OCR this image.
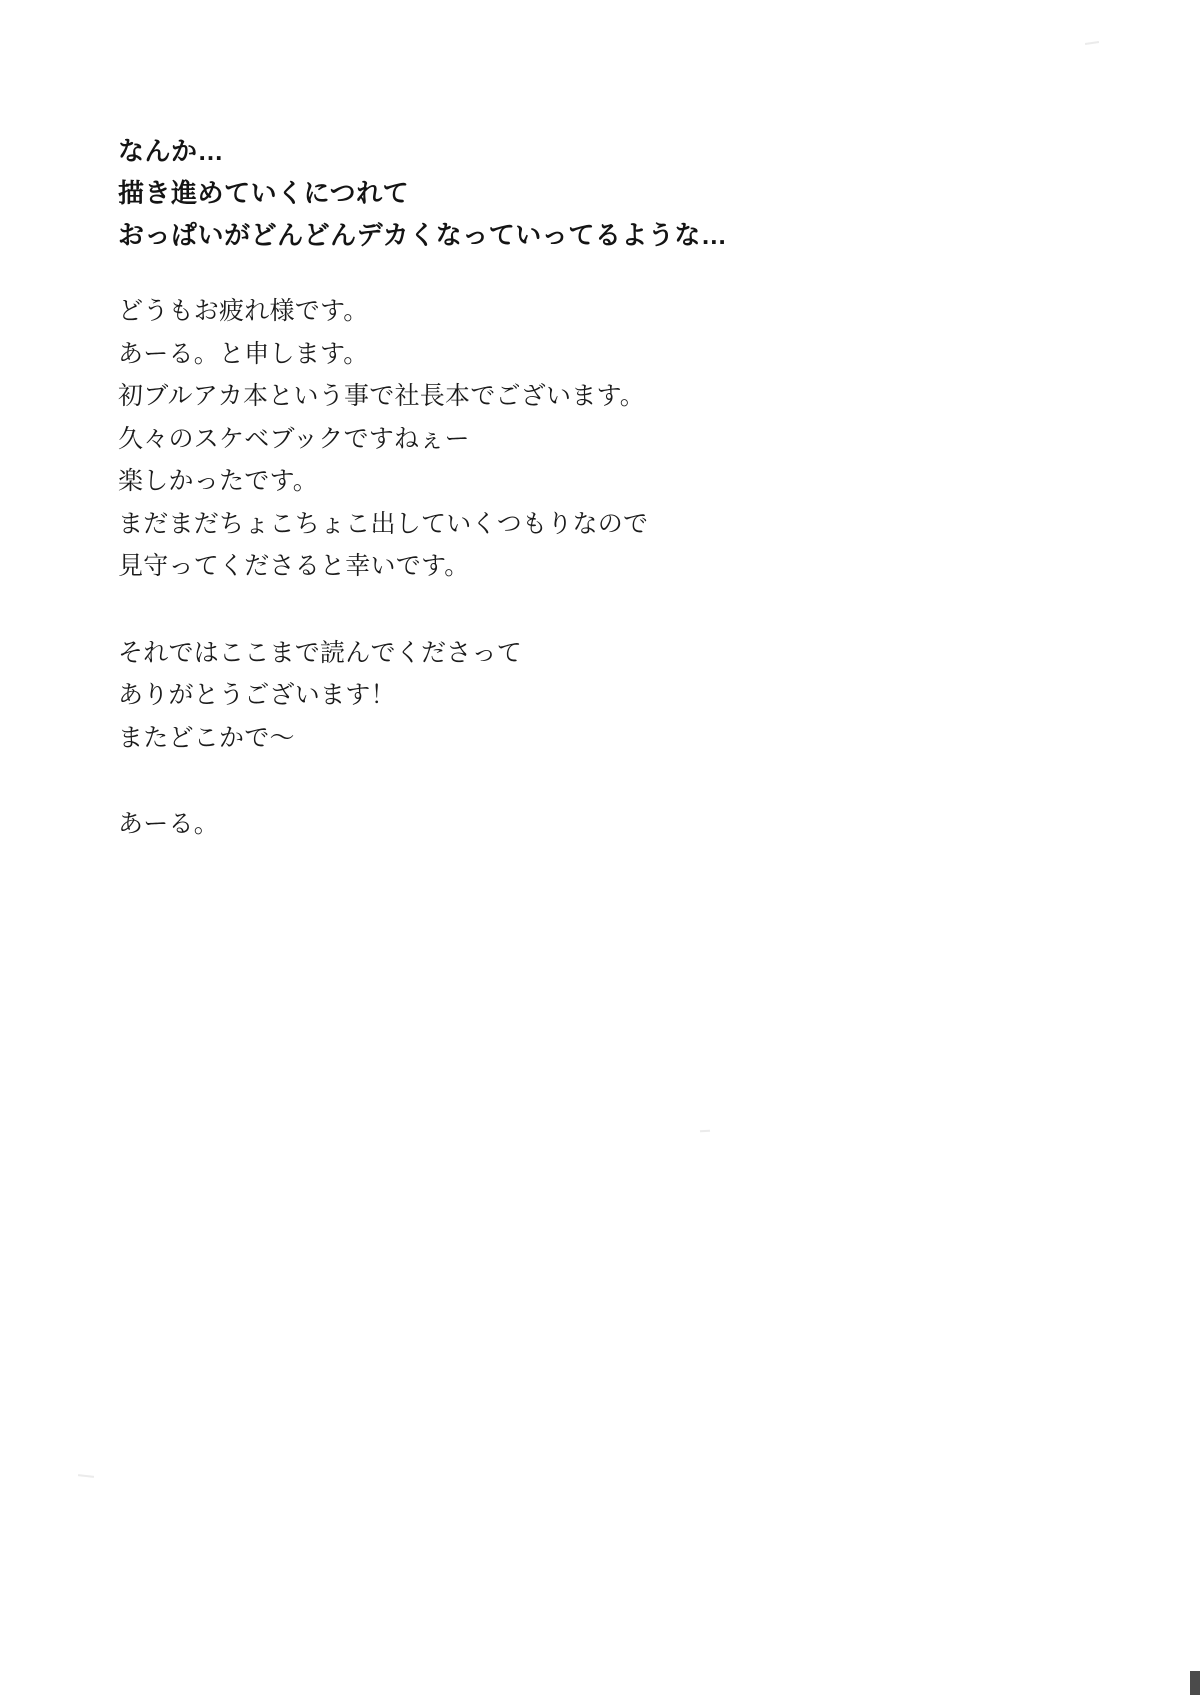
なんか…
描き進めていくにつれて
おっぱいがどんどんデカくなっていってるような…
どうもお疲れ様です。
あーる。と申します。
初ブルアカ本という事で社長本でございます。
久々のスケベブックですねぇー
楽しかったです。
まだまだちょこちょこ出していくつもりなので
見守ってくださると幸いです。
それではここまで読んでくださって
ありがとうございます！
またどこかで〜
あーる。
